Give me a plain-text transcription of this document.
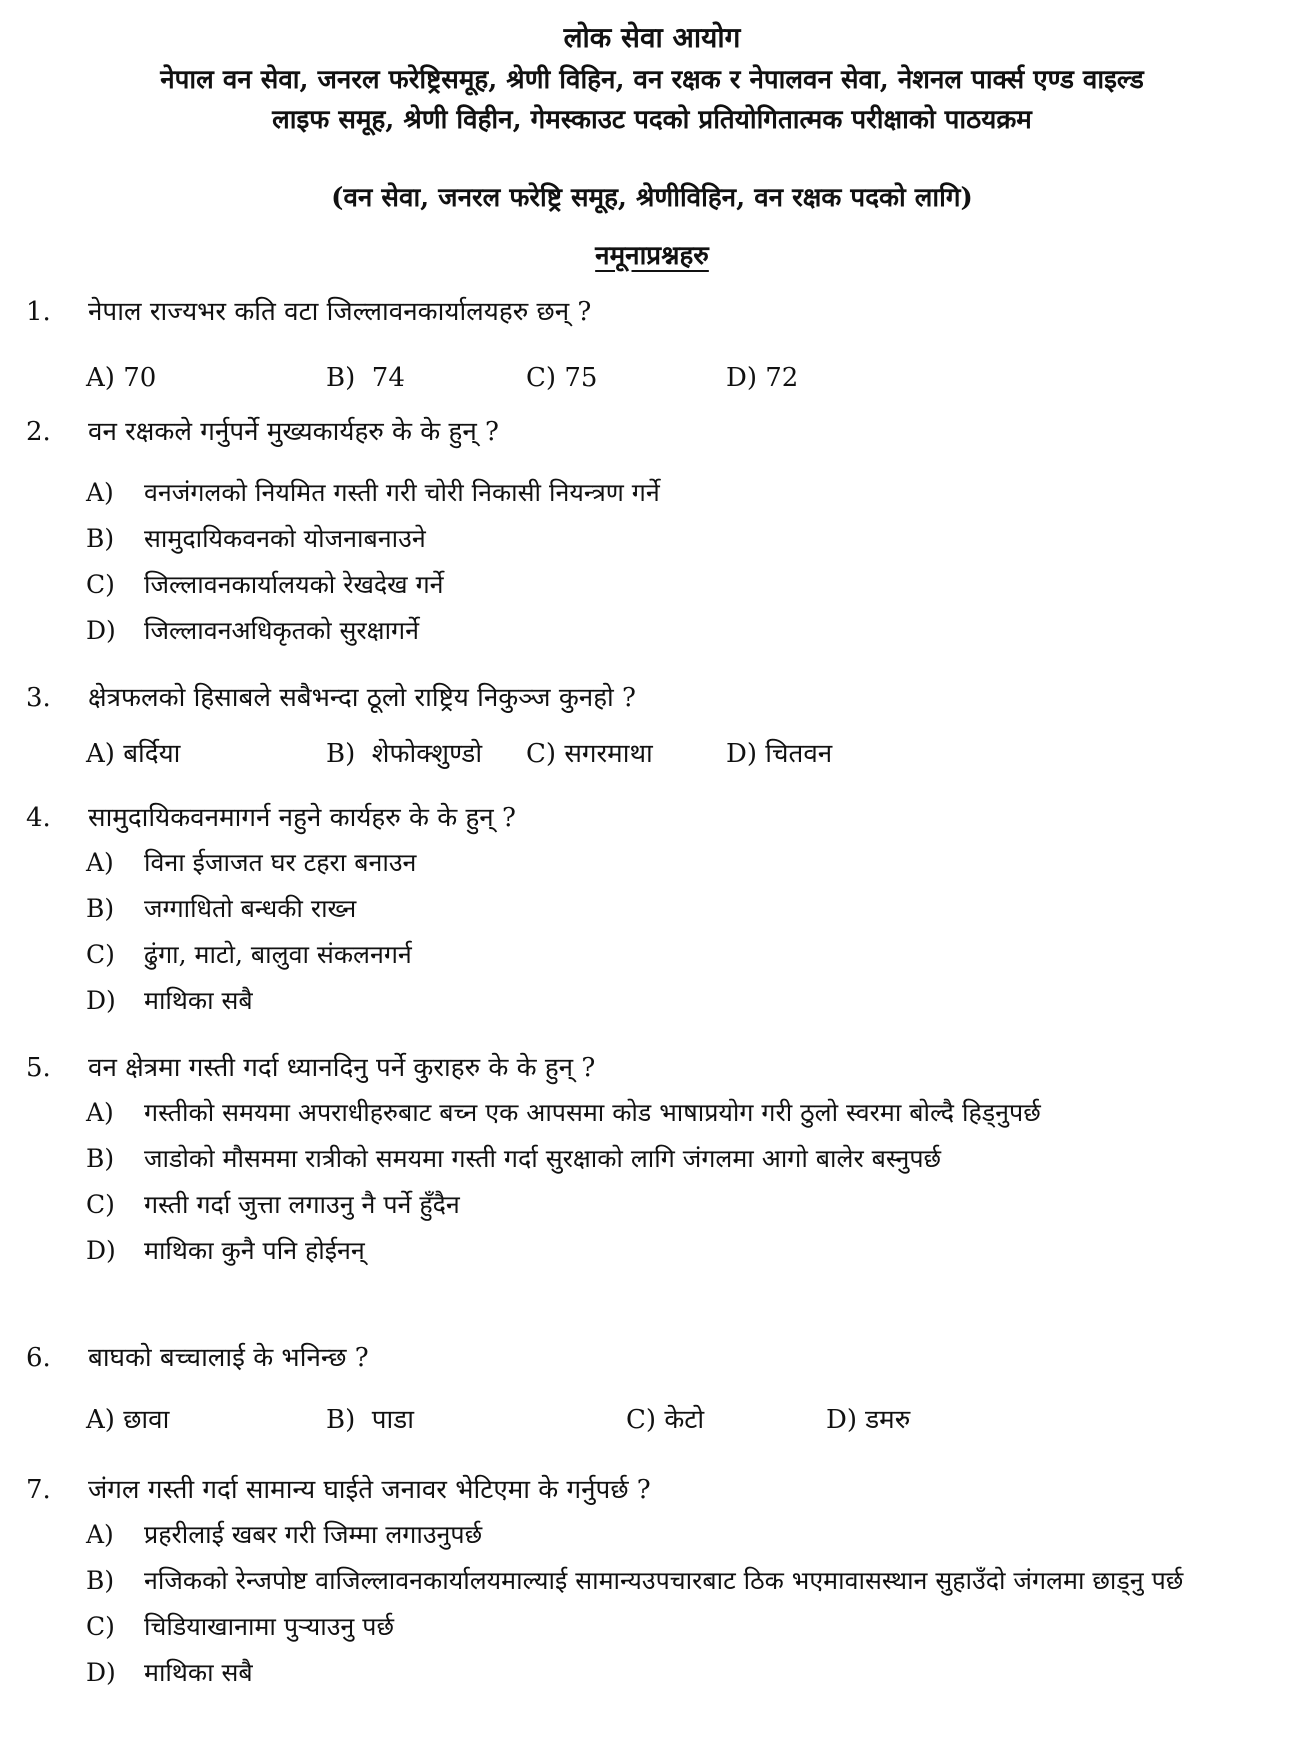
लोक सेवा आयोग
नेपाल वन सेवा, जनरल फरेष्ट्रिसमूह, श्रेणी विहिन, वन रक्षक र नेपालवन सेवा, नेशनल पार्क्स एण्ड वाइल्ड
लाइफ समूह, श्रेणी विहीन, गेमस्काउट पदको प्रतियोगितात्मक परीक्षाको पाठयक्रम
(वन सेवा, जनरल फरेष्ट्रि समूह, श्रेणीविहिन, वन रक्षक पदको लागि)
नमूनाप्रश्नहरु
1. नेपाल राज्यभर कति वटा जिल्लावनकार्यालयहरु छन् ?
A) 70	B) 74	C) 75	D) 72
2. वन रक्षकले गर्नुपर्ने मुख्यकार्यहरु के के हुन् ?
A) वनजंगलको नियमित गस्ती गरी चोरी निकासी नियन्त्रण गर्ने
B) सामुदायिकवनको योजनाबनाउने
C) जिल्लावनकार्यालयको रेखदेख गर्ने
D) जिल्लावनअधिकृतको सुरक्षागर्ने
3. क्षेत्रफलको हिसाबले सबैभन्दा ठूलो राष्ट्रिय निकुञ्ज कुनहो ?
A) बर्दिया	B) शेफोक्शुण्डो C) सगरमाथा	D) चितवन
4. सामुदायिकवनमागर्न नहुने कार्यहरु के के हुन् ?
A) विना ईजाजत घर टहरा बनाउन
B) जग्गाधितो बन्धकी राख्न
C) ढुंगा, माटो, बालुवा संकलनगर्न
D) माथिका सबै
5. वन क्षेत्रमा गस्ती गर्दा ध्यानदिनु पर्ने कुराहरु के के हुन् ?
A) गस्तीको समयमा अपराधीहरुबाट बच्न एक आपसमा कोड भाषाप्रयोग गरी ठुलो स्वरमा बोल्दै हिड्नुपर्छ
B) जाडोको मौसममा रात्रीको समयमा गस्ती गर्दा सुरक्षाको लागि जंगलमा आगो बालेर बस्नुपर्छ
C) गस्ती गर्दा जुत्ता लगाउनु नै पर्ने हुँदैन
D) माथिका कुनै पनि होईनन्
6. बाघको बच्चालाई के भनिन्छ ?
A) छावा	B) पाडा	C) केटो	D) डमरु
7. जंगल गस्ती गर्दा सामान्य घाईते जनावर भेटिएमा के गर्नुपर्छ ?
A) प्रहरीलाई खबर गरी जिम्मा लगाउनुपर्छ
B) नजिकको रेन्जपोष्ट वाजिल्लावनकार्यालयमाल्याई सामान्यउपचारबाट ठिक भएमावासस्थान सुहाउँदो जंगलमा छाड्नु पर्छ
C) चिडियाखानामा पुऱ्याउनु पर्छ
D) माथिका सबै
